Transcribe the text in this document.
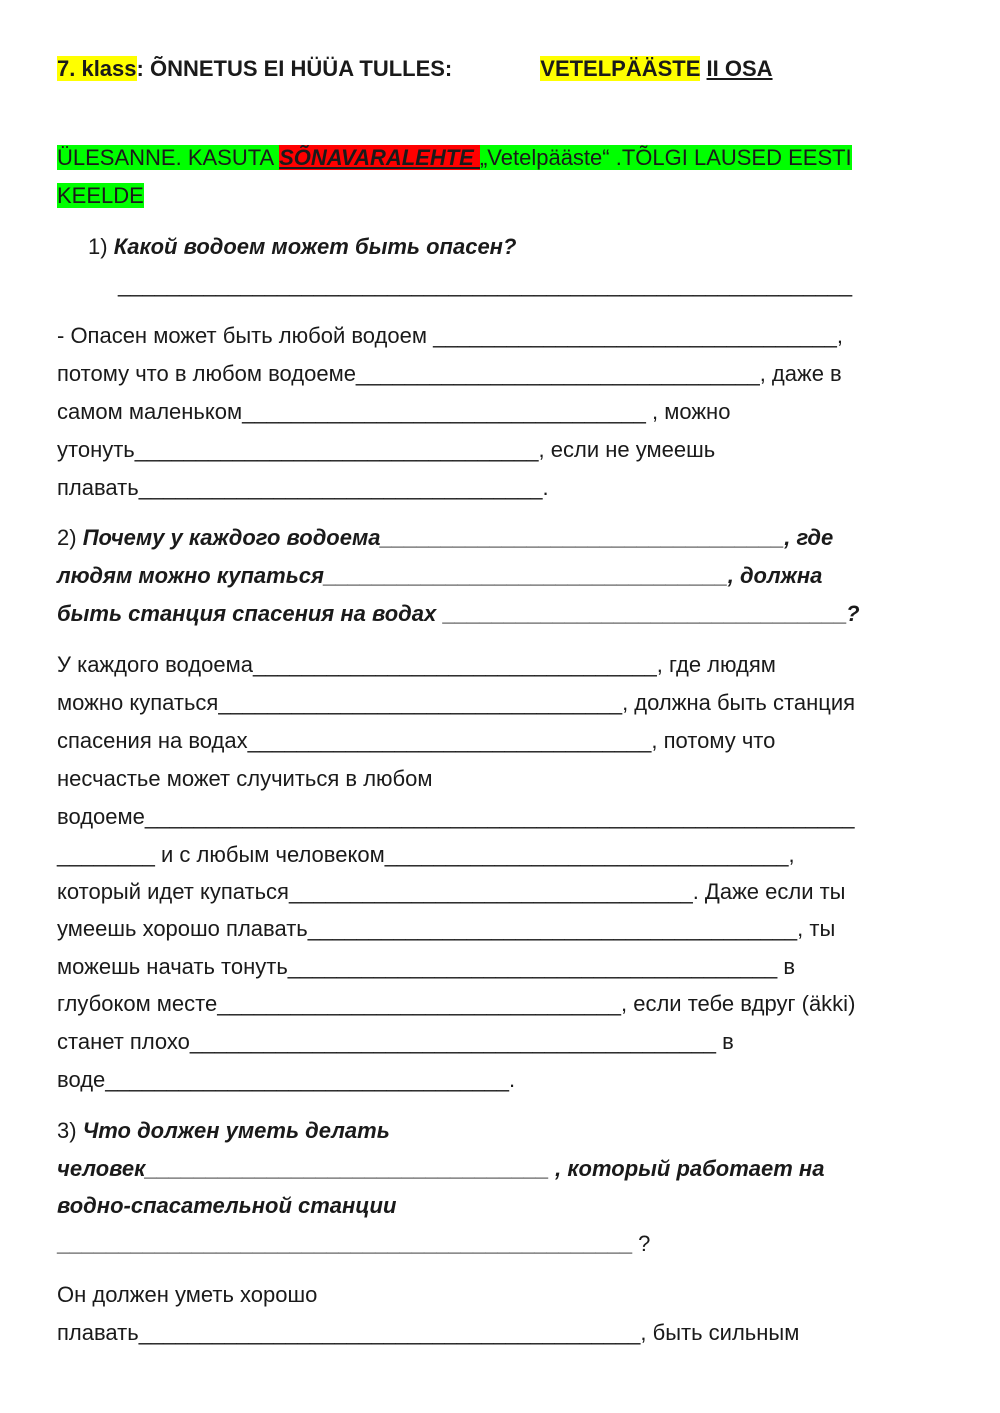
7. klass: ÕNNETUS EI HÜÜA TULLES:	VETELPÄÄSTE II OSA
ÜLESANNE. KASUTA SÕNAVARALEHTE „Vetelpääste“ .TÕLGI LAUSED EESTI
KEELDE
1) Какой водоем может быть опасен?
____________________________________________________________
- Опасен может быть любой водоем _________________________________,
потому что в любом водоеме_________________________________, даже в
самом маленьком_________________________________ , можно
утонуть_________________________________, если не умеешь
плавать_________________________________.
2) Почему у каждого водоема_________________________________, где
людям можно купаться_________________________________, должна
быть станция спасения на водах _________________________________?
У каждого водоема_________________________________, где людям
можно купаться_________________________________, должна быть станция
спасения на водах_________________________________, потому что
несчастье может случиться в любом
водоеме__________________________________________________________
________ и с любым человеком_________________________________,
который идет купаться_________________________________. Даже если ты
умеешь хорошо плавать________________________________________, ты
можешь начать тонуть________________________________________ в
глубоком месте_________________________________, если тебе вдруг (äkki)
станет плохо___________________________________________ в
воде_________________________________.
3) Что должен уметь делать
человек_________________________________ , который работает на
водно-спасательной станции
_______________________________________________ ?
Он должен уметь хорошо
плавать_________________________________________, быть сильным
